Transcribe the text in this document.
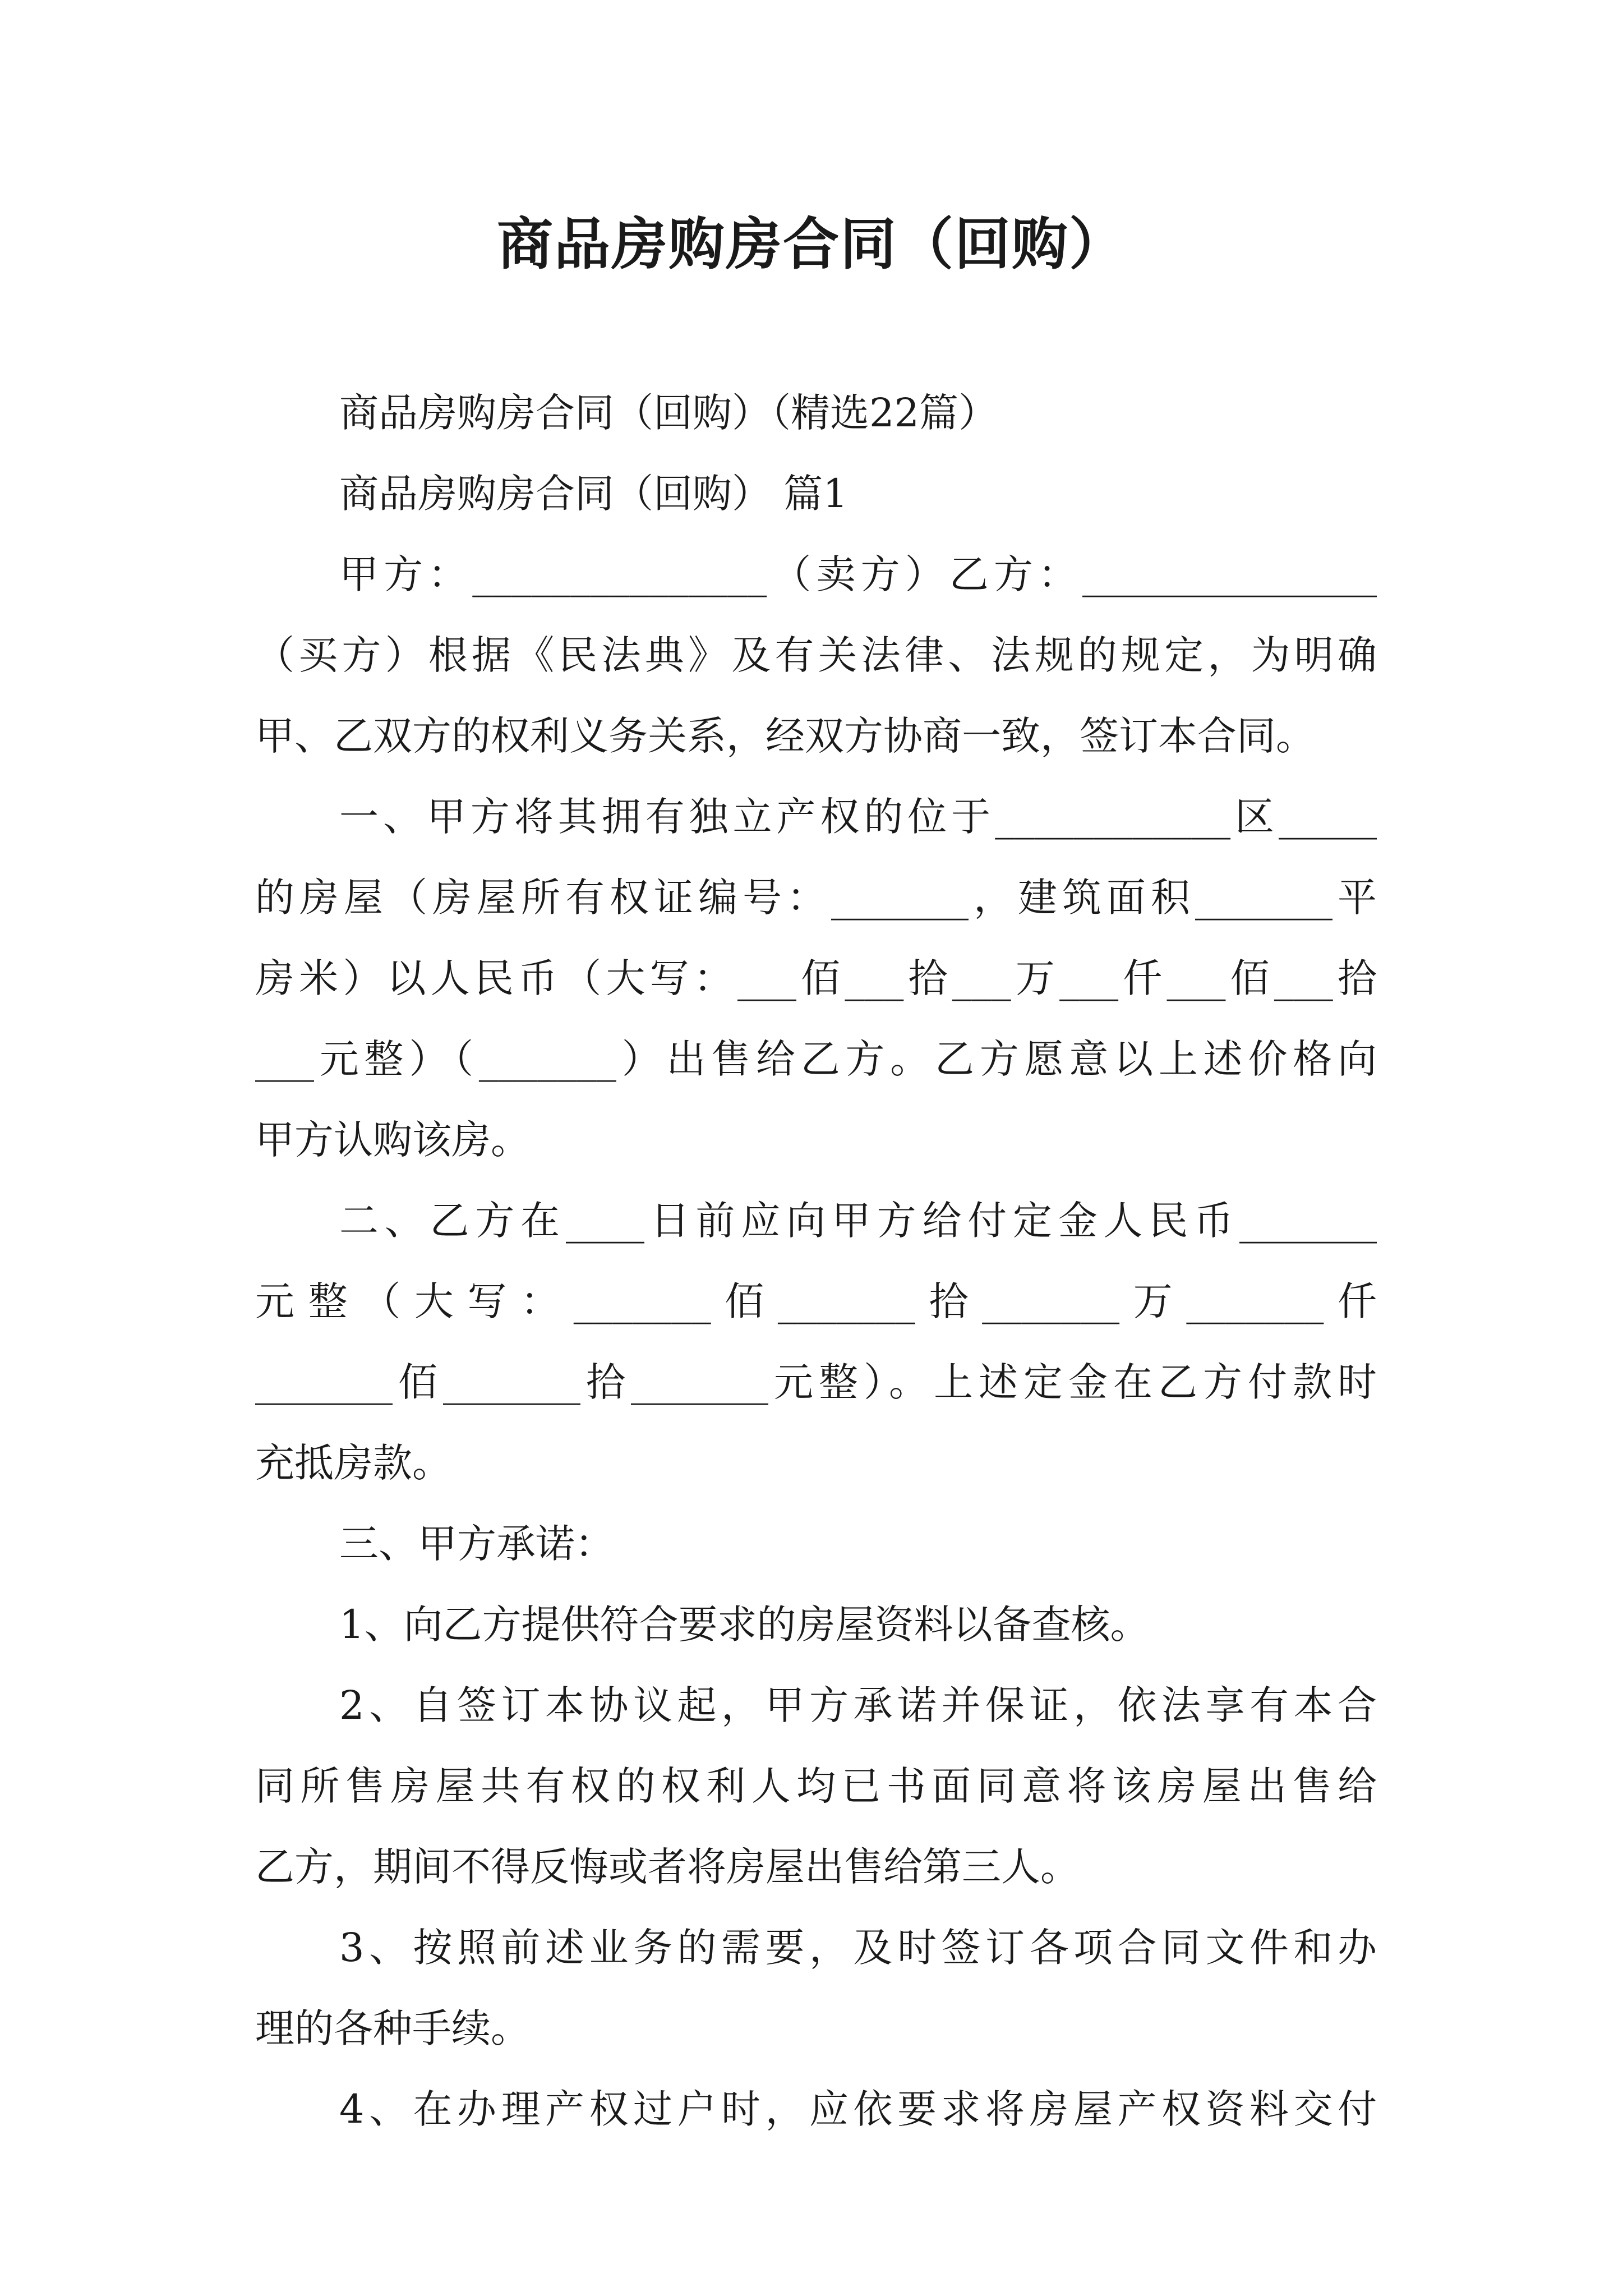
商品房购房合同（回购）
商品房购房合同（回购）（精选22篇）
商品房购房合同（回购） 篇1
甲方：_______________（卖方）乙方：_______________
（买方）根据《民法典》及有关法律、法规的规定，为明确
甲、乙双方的权利义务关系，经双方协商一致，签订本合同。
一、甲方将其拥有独立产权的位于____________区_____
的房屋（房屋所有权证编号：_______，建筑面积_______平
房米）以人民币（大写：___佰___拾___万___仟___佰___拾
___元整）（_______）出售给乙方。乙方愿意以上述价格向
甲方认购该房。
二、乙方在____日前应向甲方给付定金人民币_______
元整（大写：_______佰_______拾_______万_______仟
_______佰_______拾_______元整）。上述定金在乙方付款时
充抵房款。
三、甲方承诺：
1、向乙方提供符合要求的房屋资料以备查核。
2、自签订本协议起，甲方承诺并保证，依法享有本合
同所售房屋共有权的权利人均已书面同意将该房屋出售给
乙方，期间不得反悔或者将房屋出售给第三人。
3、按照前述业务的需要，及时签订各项合同文件和办
理的各种手续。
4、在办理产权过户时，应依要求将房屋产权资料交付
